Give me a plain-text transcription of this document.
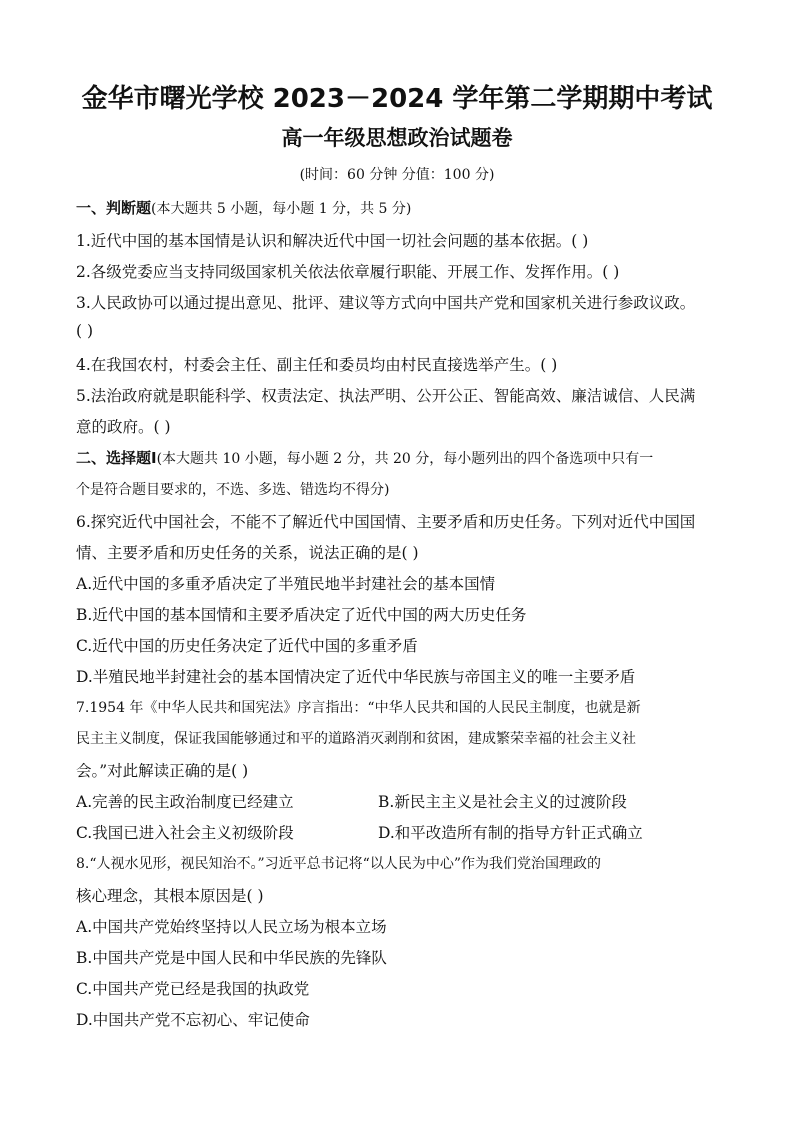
金华市曙光学校 2023－2024 学年第二学期期中考试
高一年级思想政治试题卷
(时间：60 分钟 分值：100 分)
一、判断题(本大题共 5 小题，每小题 1 分，共 5 分)
1.近代中国的基本国情是认识和解决近代中国一切社会问题的基本依据。( )
2.各级党委应当支持同级国家机关依法依章履行职能、开展工作、发挥作用。( )
3.人民政协可以通过提出意见、批评、建议等方式向中国共产党和国家机关进行参政议政。
( )
4.在我国农村，村委会主任、副主任和委员均由村民直接选举产生。( )
5.法治政府就是职能科学、权责法定、执法严明、公开公正、智能高效、廉洁诚信、人民满
意的政府。( )
二、选择题Ⅰ(本大题共 10 小题，每小题 2 分，共 20 分，每小题列出的四个备选项中只有一
个是符合题目要求的，不选、多选、错选均不得分)
6.探究近代中国社会，不能不了解近代中国国情、主要矛盾和历史任务。下列对近代中国国
情、主要矛盾和历史任务的关系，说法正确的是( )
A.近代中国的多重矛盾决定了半殖民地半封建社会的基本国情
B.近代中国的基本国情和主要矛盾决定了近代中国的两大历史任务
C.近代中国的历史任务决定了近代中国的多重矛盾
D.半殖民地半封建社会的基本国情决定了近代中华民族与帝国主义的唯一主要矛盾
7.1954 年《中华人民共和国宪法》序言指出：“中华人民共和国的人民民主制度，也就是新
民主主义制度，保证我国能够通过和平的道路消灭剥削和贫困，建成繁荣幸福的社会主义社
会。”对此解读正确的是( )
A.完善的民主政治制度已经建立	B.新民主主义是社会主义的过渡阶段
C.我国已进入社会主义初级阶段	D.和平改造所有制的指导方针正式确立
8.“人视水见形，视民知治不。”习近平总书记将“以人民为中心”作为我们党治国理政的
核心理念，其根本原因是( )
A.中国共产党始终坚持以人民立场为根本立场
B.中国共产党是中国人民和中华民族的先锋队
C.中国共产党已经是我国的执政党
D.中国共产党不忘初心、牢记使命
